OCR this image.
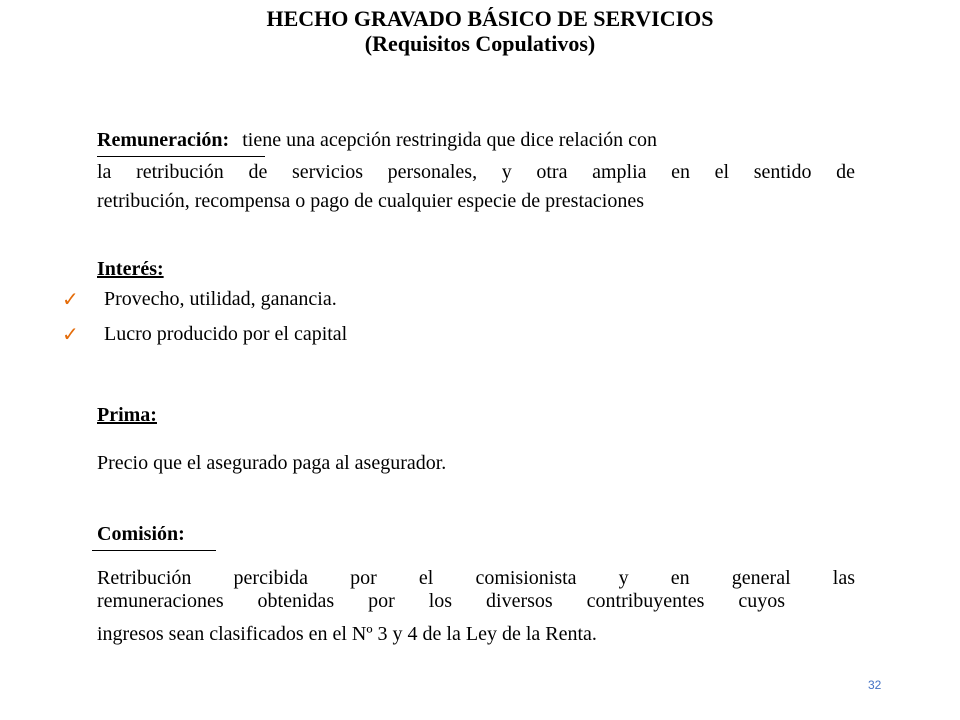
HECHO GRAVADO BÁSICO DE SERVICIOS
(Requisitos Copulativos)
Remuneración: tiene una acepción restringida que dice relación con
la retribución de servicios personales, y otra amplia en el sentido de
retribución, recompensa o pago de cualquier especie de prestaciones
Interés:
✓ Provecho, utilidad, ganancia.
✓ Lucro producido por el capital
Prima:
Precio que el asegurado paga al asegurador.
Comisión:
Retribución percibida por el comisionista y en general las
remuneraciones obtenidas por los diversos contribuyentes cuyos
ingresos sean clasificados en el Nº 3 y 4 de la Ley de la Renta.
32
